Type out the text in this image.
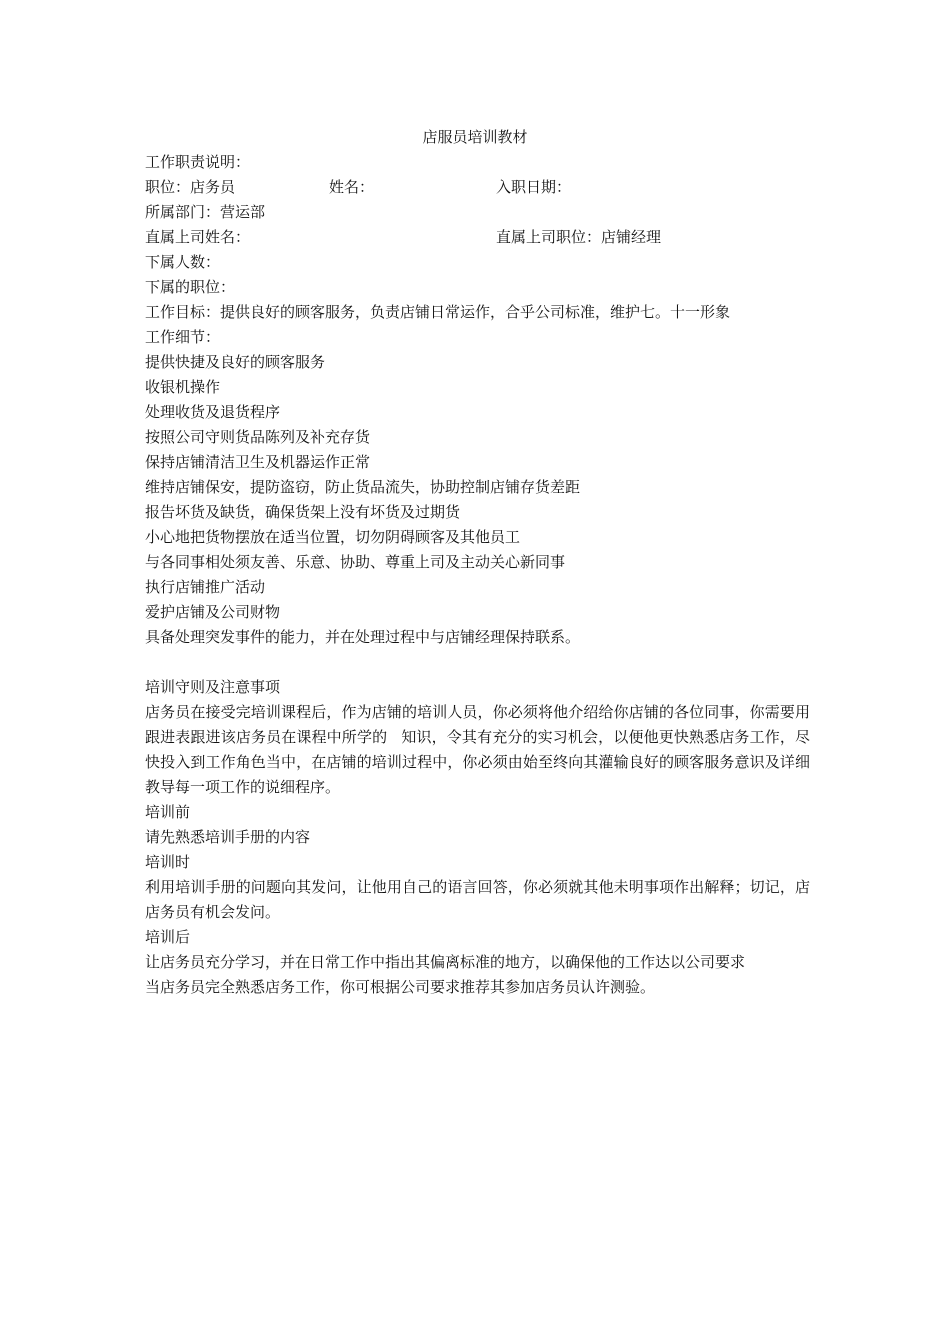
店服员培训教材
工作职责说明：
职位：店务员	姓名：	入职日期：
所属部门：营运部
直属上司姓名：	直属上司职位：店铺经理
下属人数：
下属的职位：
工作目标：提供良好的顾客服务，负责店铺日常运作，合乎公司标准，维护七。十一形象
工作细节：
提供快捷及良好的顾客服务
收银机操作
处理收货及退货程序
按照公司守则货品陈列及补充存货
保持店铺清洁卫生及机器运作正常
维持店铺保安，提防盗窃，防止货品流失，协助控制店铺存货差距
报告坏货及缺货，确保货架上没有坏货及过期货
小心地把货物摆放在适当位置，切勿阴碍顾客及其他员工
与各同事相处须友善、乐意、协助、尊重上司及主动关心新同事
执行店铺推广活动
爱护店铺及公司财物
具备处理突发事件的能力，并在处理过程中与店铺经理保持联系。
培训守则及注意事项
店务员在接受完培训课程后，作为店铺的培训人员，你必须将他介绍给你店铺的各位同事，你需要用跟进表跟进该店务员在课程中所学的 知识，令其有充分的实习机会，以便他更快熟悉店务工作，尽快投入到工作角色当中，在店铺的培训过程中，你必须由始至终向其灌输良好的顾客服务意识及详细教导每一项工作的说细程序。
培训前
请先熟悉培训手册的内容
培训时
利用培训手册的问题向其发问，让他用自己的语言回答，你必须就其他未明事项作出解释；切记，店店务员有机会发问。
培训后
让店务员充分学习，并在日常工作中指出其偏离标准的地方，以确保他的工作达以公司要求
当店务员完全熟悉店务工作，你可根据公司要求推荐其参加店务员认许测验。
